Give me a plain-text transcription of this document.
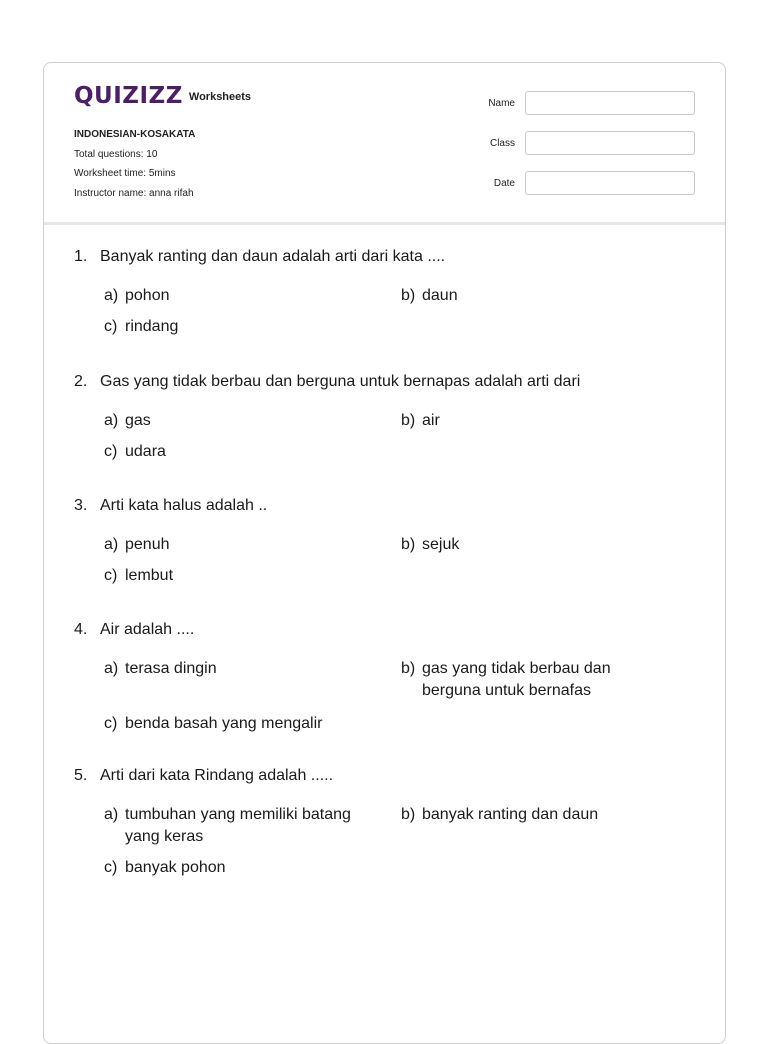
QUIZIZZ Worksheets
INDONESIAN-KOSAKATA
Total questions: 10
Worksheet time: 5mins
Instructor name: anna rifah
Name
Class
Date
1. Banyak ranting dan daun adalah arti dari kata ....
a) pohon	b) daun
c) rindang
2. Gas yang tidak berbau dan berguna untuk bernapas adalah arti dari
a) gas	b) air
c) udara
3. Arti kata halus adalah ..
a) penuh	b) sejuk
c) lembut
4. Air adalah ....
a) terasa dingin	b) gas yang tidak berbau dan berguna untuk bernafas
c) benda basah yang mengalir
5. Arti dari kata Rindang adalah .....
a) tumbuhan yang memiliki batang yang keras
b) banyak ranting dan daun
c) banyak pohon
